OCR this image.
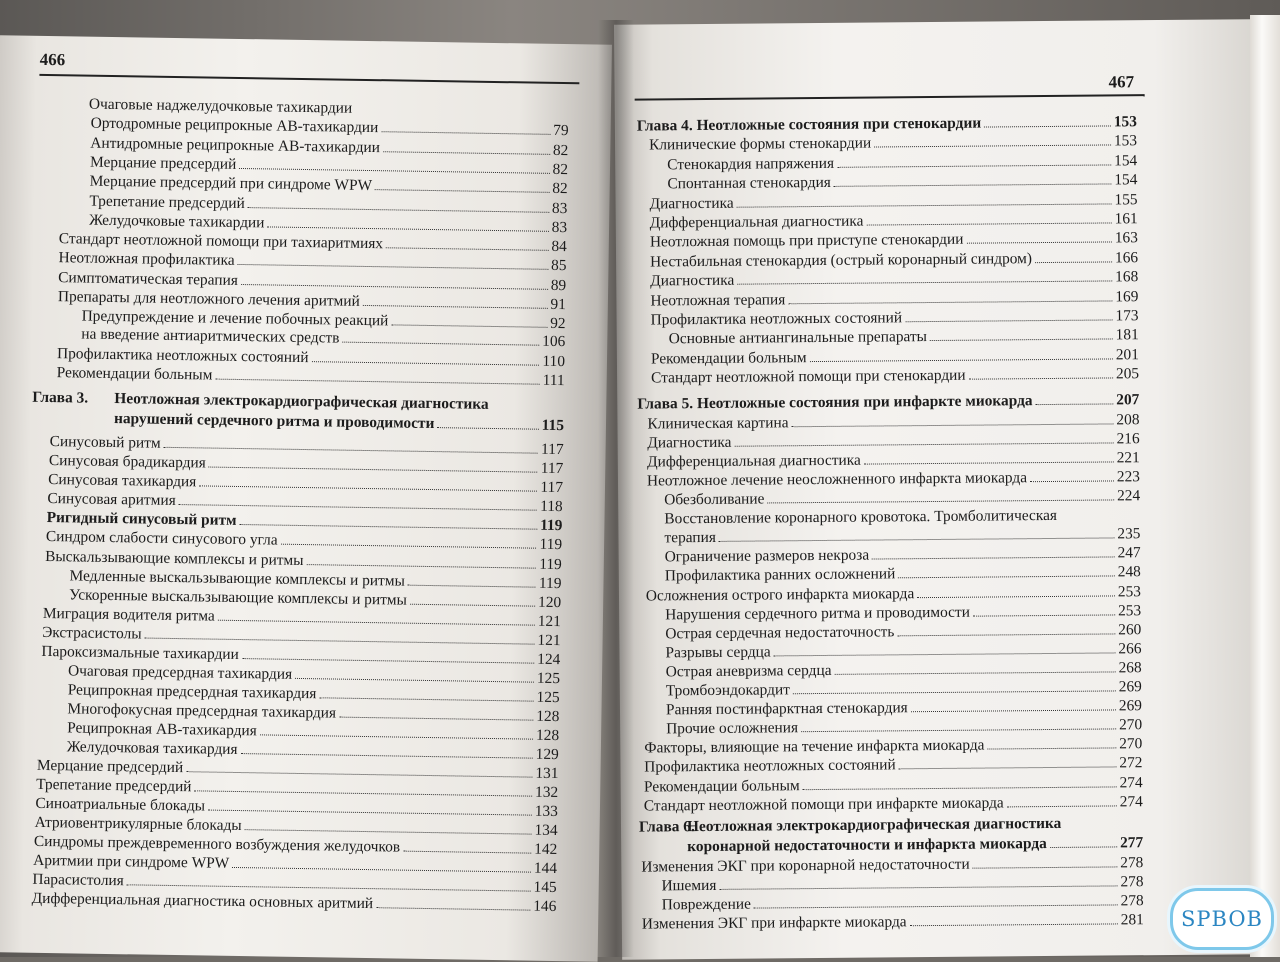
466
Очаговые наджелудочковые тахикардии
Ортодромные реципрокные АВ-тахикардии	79
Антидромные реципрокные АВ-тахикардии	82
Мерцание предсердий	82
Мерцание предсердий при синдроме WPW	82
Трепетание предсердий	83
Желудочковые тахикардии	83
Стандарт неотложной помощи при тахиаритмиях	84
Неотложная профилактика	85
Симптоматическая терапия	89
Препараты для неотложного лечения аритмий	91
Предупреждение и лечение побочных реакций	92
на введение антиаритмических средств	106
Профилактика неотложных состояний	110
Рекомендации больным	111
Глава 3. Неотложная электрокардиографическая диагностика
нарушений сердечного ритма и проводимости	115
Синусовый ритм	117
Синусовая брадикардия	117
Синусовая тахикардия	117
Синусовая аритмия	118
Ригидный синусовый ритм	119
Синдром слабости синусового угла	119
Выскальзывающие комплексы и ритмы	119
Медленные выскальзывающие комплексы и ритмы	119
Ускоренные выскальзывающие комплексы и ритмы	120
Миграция водителя ритма	121
Экстрасистолы	121
Пароксизмальные тахикардии	124
Очаговая предсердная тахикардия	125
Реципрокная предсердная тахикардия	125
Многофокусная предсердная тахикардия	128
Реципрокная АВ-тахикардия	128
Желудочковая тахикардия	129
Мерцание предсердий	131
Трепетание предсердий	132
Синоатриальные блокады	133
Атриовентрикулярные блокады	134
Синдромы преждевременного возбуждения желудочков	142
Аритмии при синдроме WPW	144
Парасистолия	145
Дифференциальная диагностика основных аритмий	146
467
Глава 4. Неотложные состояния при стенокардии	153
Клинические формы стенокардии	153
Стенокардия напряжения	154
Спонтанная стенокардия	154
Диагностика	155
Дифференциальная диагностика	161
Неотложная помощь при приступе стенокардии	163
Нестабильная стенокардия (острый коронарный синдром)	166
Диагностика	168
Неотложная терапия	169
Профилактика неотложных состояний	173
Основные антиангинальные препараты	181
Рекомендации больным	201
Стандарт неотложной помощи при стенокардии	205
Глава 5. Неотложные состояния при инфаркте миокарда	207
Клиническая картина	208
Диагностика	216
Дифференциальная диагностика	221
Неотложное лечение неосложненного инфаркта миокарда	223
Обезболивание	224
Восстановление коронарного кровотока. Тромболитическая
терапия	235
Ограничение размеров некроза	247
Профилактика ранних осложнений	248
Осложнения острого инфаркта миокарда	253
Нарушения сердечного ритма и проводимости	253
Острая сердечная недостаточность	260
Разрывы сердца	266
Острая аневризма сердца	268
Тромбоэндокардит	269
Ранняя постинфарктная стенокардия	269
Прочие осложнения	270
Факторы, влияющие на течение инфаркта миокарда	270
Профилактика неотложных состояний	272
Рекомендации больным	274
Стандарт неотложной помощи при инфаркте миокарда	274
Глава 6.
Неотложная электрокардиографическая диагностика
коронарной недостаточности и инфаркта миокарда	277
Изменения ЭКГ при коронарной недостаточности	278
Ишемия	278
Повреждение	278
Изменения ЭКГ при инфаркте миокарда	281 SPBOB
